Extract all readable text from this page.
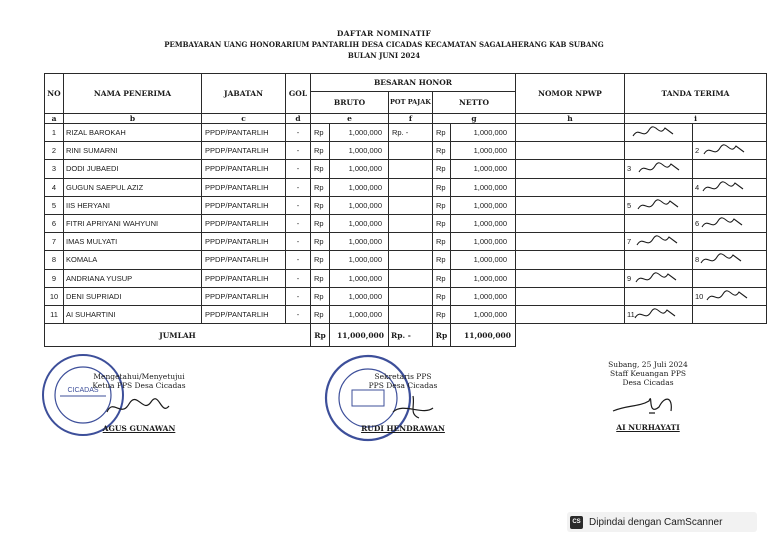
DAFTAR NOMINATIF
PEMBAYARAN UANG HONORARIUM PANTARLIH DESA CICADAS KECAMATAN SAGALAHERANG KAB SUBANG
BULAN JUNI 2024
NO	NAMA PENERIMA	JABATAN	GOL	BESARAN HONOR					NOMOR NPWP	TANDA TERIMA	
				BRUTO		POT PAJAK	NETTO				
a	b	c	d	e		f	g		h	i	
1	RIZAL BAROKAH	PPDP/PANTARLIH	-	Rp	1,000,000	Rp. -	Rp	1,000,000		

2	RINI SUMARNI	PPDP/PANTARLIH	-	Rp	1,000,000		Rp	1,000,000			2

3	DODI JUBAEDI	PPDP/PANTARLIH	-	Rp	1,000,000		Rp	1,000,000		3	

4	GUGUN SAEPUL AZIZ	PPDP/PANTARLIH	-	Rp	1,000,000		Rp	1,000,000			4

5	IIS HERYANI	PPDP/PANTARLIH	-	Rp	1,000,000		Rp	1,000,000		5	

6	FITRI APRIYANI WAHYUNI	PPDP/PANTARLIH	-	Rp	1,000,000		Rp	1,000,000			6

7	IMAS MULYATI	PPDP/PANTARLIH	-	Rp	1,000,000		Rp	1,000,000		7	

8	KOMALA	PPDP/PANTARLIH	-	Rp	1,000,000		Rp	1,000,000			8

9	ANDRIANA YUSUP	PPDP/PANTARLIH	-	Rp	1,000,000		Rp	1,000,000		9	

10	DENI SUPRIADI	PPDP/PANTARLIH	-	Rp	1,000,000		Rp	1,000,000			10

11	AI SUHARTINI	PPDP/PANTARLIH	-	Rp	1,000,000		Rp	1,000,000		11	

JUMLAH				Rp	11,000,000	Rp. -	Rp	11,000,000			
CICADAS
Mengetahui/Menyetujui
Ketua PPS Desa Cicadas
AGUS GUNAWAN
Sekretaris PPS
PPS Desa Cicadas
RUDI HENDRAWAN
Subang, 25 Juli 2024
Staff Keuangan PPS
Desa Cicadas
AI NURHAYATI
CS Dipindai dengan CamScanner
